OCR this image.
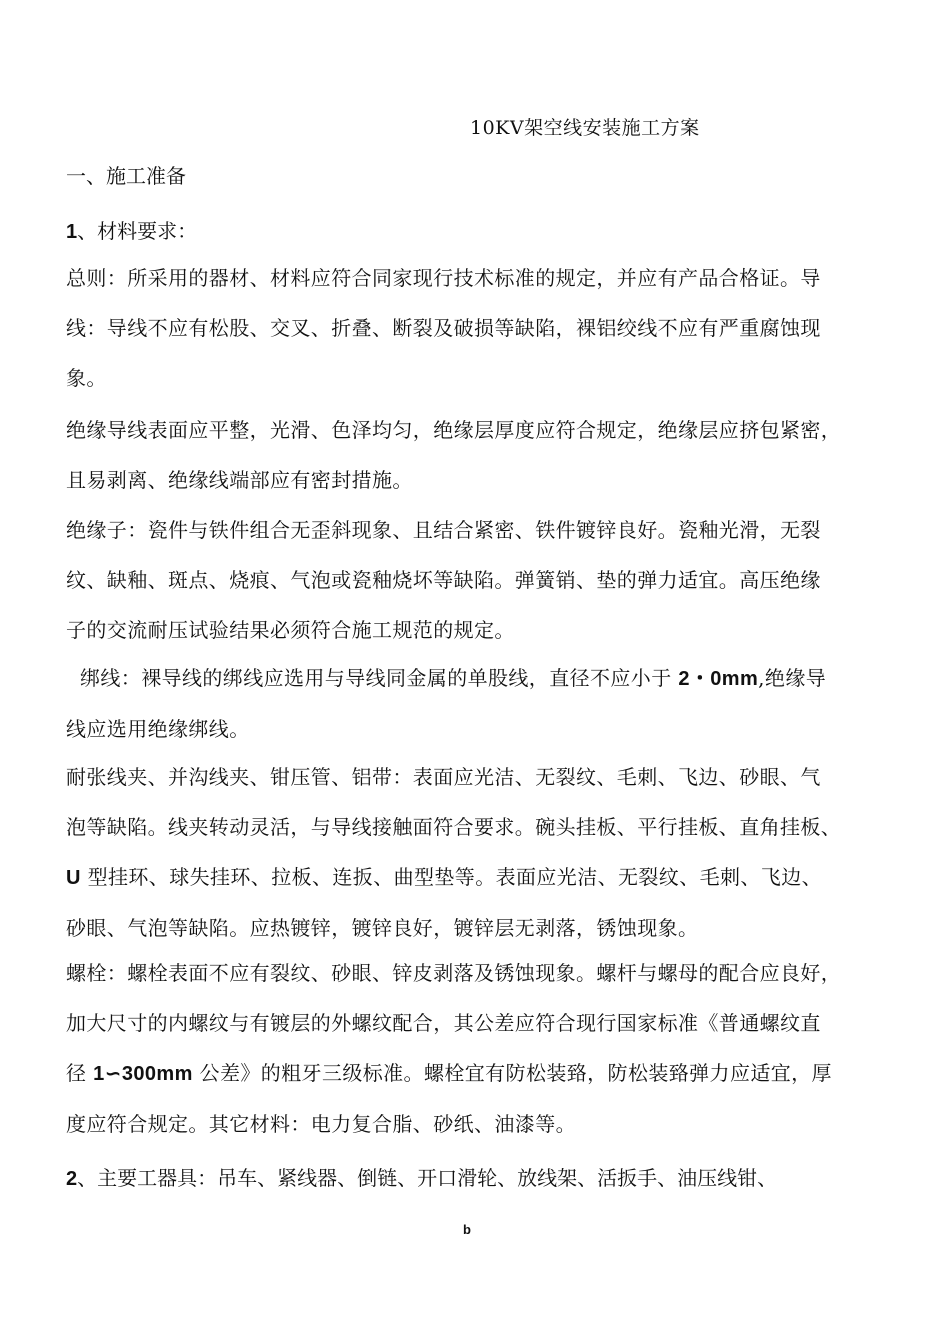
10KV架空线安装施工方案
一、施工准备
1、材料要求：
总则：所采用的器材、材料应符合同家现行技术标准的规定，并应有产品合格证。导
线：导线不应有松股、交叉、折叠、断裂及破损等缺陷，裸铝绞线不应有严重腐蚀现
象。
绝缘导线表面应平整，光滑、色泽均匀，绝缘层厚度应符合规定，绝缘层应挤包紧密，
且易剥离、绝缘线端部应有密封措施。
绝缘子：瓷件与铁件组合无歪斜现象、且结合紧密、铁件镀锌良好。瓷釉光滑，无裂
纹、缺釉、斑点、烧痕、气泡或瓷釉烧坏等缺陷。弹簧销、垫的弹力适宜。高压绝缘
子的交流耐压试验结果必须符合施工规范的规定。
绑线：裸导线的绑线应选用与导线同金属的单股线，直径不应小于 2・0mm,绝缘导
线应选用绝缘绑线。
耐张线夹、并沟线夹、钳压管、铝带：表面应光洁、无裂纹、毛刺、飞边、砂眼、气
泡等缺陷。线夹转动灵活，与导线接触面符合要求。碗头挂板、平行挂板、直角挂板、
U 型挂环、球失挂环、拉板、连扳、曲型垫等。表面应光洁、无裂纹、毛刺、飞边、
砂眼、气泡等缺陷。应热镀锌，镀锌良好，镀锌层无剥落，锈蚀现象。
螺栓：螺栓表面不应有裂纹、砂眼、锌皮剥落及锈蚀现象。螺杆与螺母的配合应良好，
加大尺寸的内螺纹与有镀层的外螺纹配合，其公差应符合现行国家标准《普通螺纹直
径 1∽300mm 公差》的粗牙三级标准。螺栓宜有防松装臵，防松装臵弹力应适宜，厚
度应符合规定。其它材料：电力复合脂、砂纸、油漆等。
2、主要工器具：吊车、紧线器、倒链、开口滑轮、放线架、活扳手、油压线钳、
b
